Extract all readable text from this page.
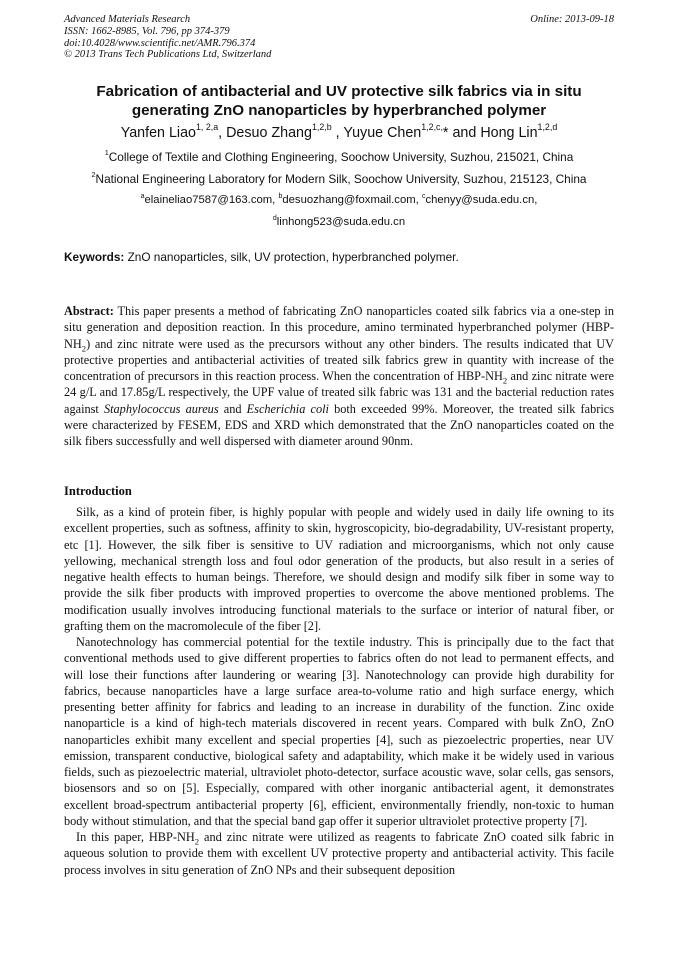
Advanced Materials Research
ISSN: 1662-8985, Vol. 796, pp 374-379
doi:10.4028/www.scientific.net/AMR.796.374
© 2013 Trans Tech Publications Ltd, Switzerland
Online: 2013-09-18
Fabrication of antibacterial and UV protective silk fabrics via in situ
generating ZnO nanoparticles by hyperbranched polymer
Yanfen Liao$^{1, 2,a}$, Desuo Zhang$^{1,2,b}$ , Yuyue Chen$^{1,2,c,}$* and Hong Lin$^{1,2,d}$
$^1$College of Textile and Clothing Engineering, Soochow University, Suzhou, 215021, China
$^2$National Engineering Laboratory for Modern Silk, Soochow University, Suzhou, 215123, China
$^a$elaineliao7587@163.com, $^b$desuozhang@foxmail.com, $^c$chenyy@suda.edu.cn,
$^d$linhong523@suda.edu.cn
Keywords: ZnO nanoparticles, silk, UV protection, hyperbranched polymer.

Abstract: This paper presents a method of fabricating ZnO nanoparticles coated silk fabrics via a one-step in situ generation and deposition reaction. In this procedure, amino terminated hyperbranched polymer $(HBP-NH_2)$ and zinc nitrate were used as the precursors without any other binders. The results indicated that UV protective properties and antibacterial activities of treated silk fabrics grew in quantity with increase of the concentration of precursors in this reaction process. When the concentration of HBP-$NH_2$ and zinc nitrate were 24 g/L and 17.85g/L respectively, the UPF value of treated silk fabric was 131 and the bacterial reduction rates against Staphylococcus aureus and Escherichia coli both exceeded 99%. Moreover, the treated silk fabrics were characterized by FESEM, EDS and XRD which demonstrated that the ZnO nanoparticles coated on the silk fibers successfully and well dispersed with diameter around 90nm.

Introduction

Silk, as a kind of protein fiber, is highly popular with people and widely used in daily life owning to its excellent properties, such as softness, affinity to skin, hygroscopicity, bio-degradability, UV-resistant property, etc [1]. However, the silk fiber is sensitive to UV radiation and microorganisms, which not only cause yellowing, mechanical strength loss and foul odor generation of the products, but also result in a series of negative health effects to human beings. Therefore, we should design and modify silk fiber in some way to provide the silk fiber products with improved properties to overcome the above mentioned problems. The modification usually involves introducing functional materials to the surface or interior of natural fiber, or grafting them on the macromolecule of the fiber [2].

Nanotechnology has commercial potential for the textile industry. This is principally due to the fact that conventional methods used to give different properties to fabrics often do not lead to permanent effects, and will lose their functions after laundering or wearing [3]. Nanotechnology can provide high durability for fabrics, because nanoparticles have a large surface area-to-volume ratio and high surface energy, which presenting better affinity for fabrics and leading to an increase in durability of the function. Zinc oxide nanoparticle is a kind of high-tech materials discovered in recent years. Compared with bulk ZnO, ZnO nanoparticles exhibit many excellent and special properties [4], such as piezoelectric properties, near UV emission, transparent conductive, biological safety and adaptability, which make it be widely used in various fields, such as piezoelectric material, ultraviolet photo-detector, surface acoustic wave, solar cells, gas sensors, biosensors and so on [5]. Especially, compared with other inorganic antibacterial agent, it demonstrates excellent broad-spectrum antibacterial property [6], efficient, environmentally friendly, non-toxic to human body without stimulation, and that the special band gap offer it superior ultraviolet protective property [7].

In this paper, HBP-$NH_2$ and zinc nitrate were utilized as reagents to fabricate ZnO coated silk fabric in aqueous solution to provide them with excellent UV protective property and antibacterial activity. This facile process involves in situ generation of ZnO NPs and their subsequent deposition
